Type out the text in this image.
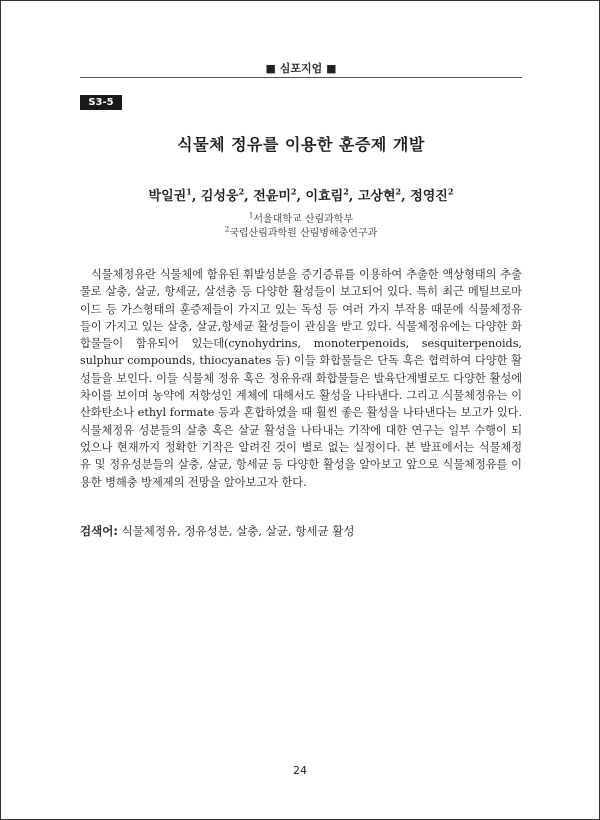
■ 심포지엄 ■
S3-5
식물체 정유를 이용한 훈증제 개발
박일권$^1$, 김성웅$^2$, 전윤미$^2$, 이효림$^2$, 고상현$^2$, 정영진$^2$
$^1$서울대학교 산림과학부
$^2$국립산림과학원 산림병해충연구과

식물체정유란 식물체에 함유된 휘발성분을 증기증류를 이용하여 추출한 액상형태의 추출물로 살충, 살균, 항세균, 살선충 등 다양한 활성들이 보고되어 있다. 특히 최근 메틸브로마이드 등 가스형태의 훈증제들이 가지고 있는 독성 등 여러 가지 부작용 때문에 식물체정유들이 가지고 있는 살충, 살균,항세균 활성들이 관심을 받고 있다. 식물체정유에는 다양한 화합물들이 함유되어 있는데(cynohydrins, monoterpenoids, sesquiterpenoids, sulphur compounds, thiocyanates 등) 이들 화합물들은 단독 혹은 협력하여 다양한 활성들을 보인다. 이들 식물체 정유 혹은 정유유래 화합물들은 발육단계별로도 다양한 활성에 차이를 보이며 농약에 저항성인 계체에 대해서도 활성을 나타낸다. 그리고 식물체정유는 이산화탄소나 ethyl formate 등과 혼합하였을 때 훨씬 좋은 활성을 나타낸다는 보고가 있다. 식물체정유 성분들의 살충 혹은 살균 활성을 나타내는 기작에 대한 연구는 일부 수행이 되었으나 현재까지 정확한 기작은 알려진 것이 별로 없는 실정이다. 본 발표에서는 식물체정유 및 정유성분들의 살충, 살균, 항세균 등 다양한 활성을 알아보고 앞으로 식물체정유를 이용한 병해충 방제제의 전망을 알아보고자 한다.

검색어: 식물체정유, 정유성분, 살충, 살균, 항세균 활성
24
